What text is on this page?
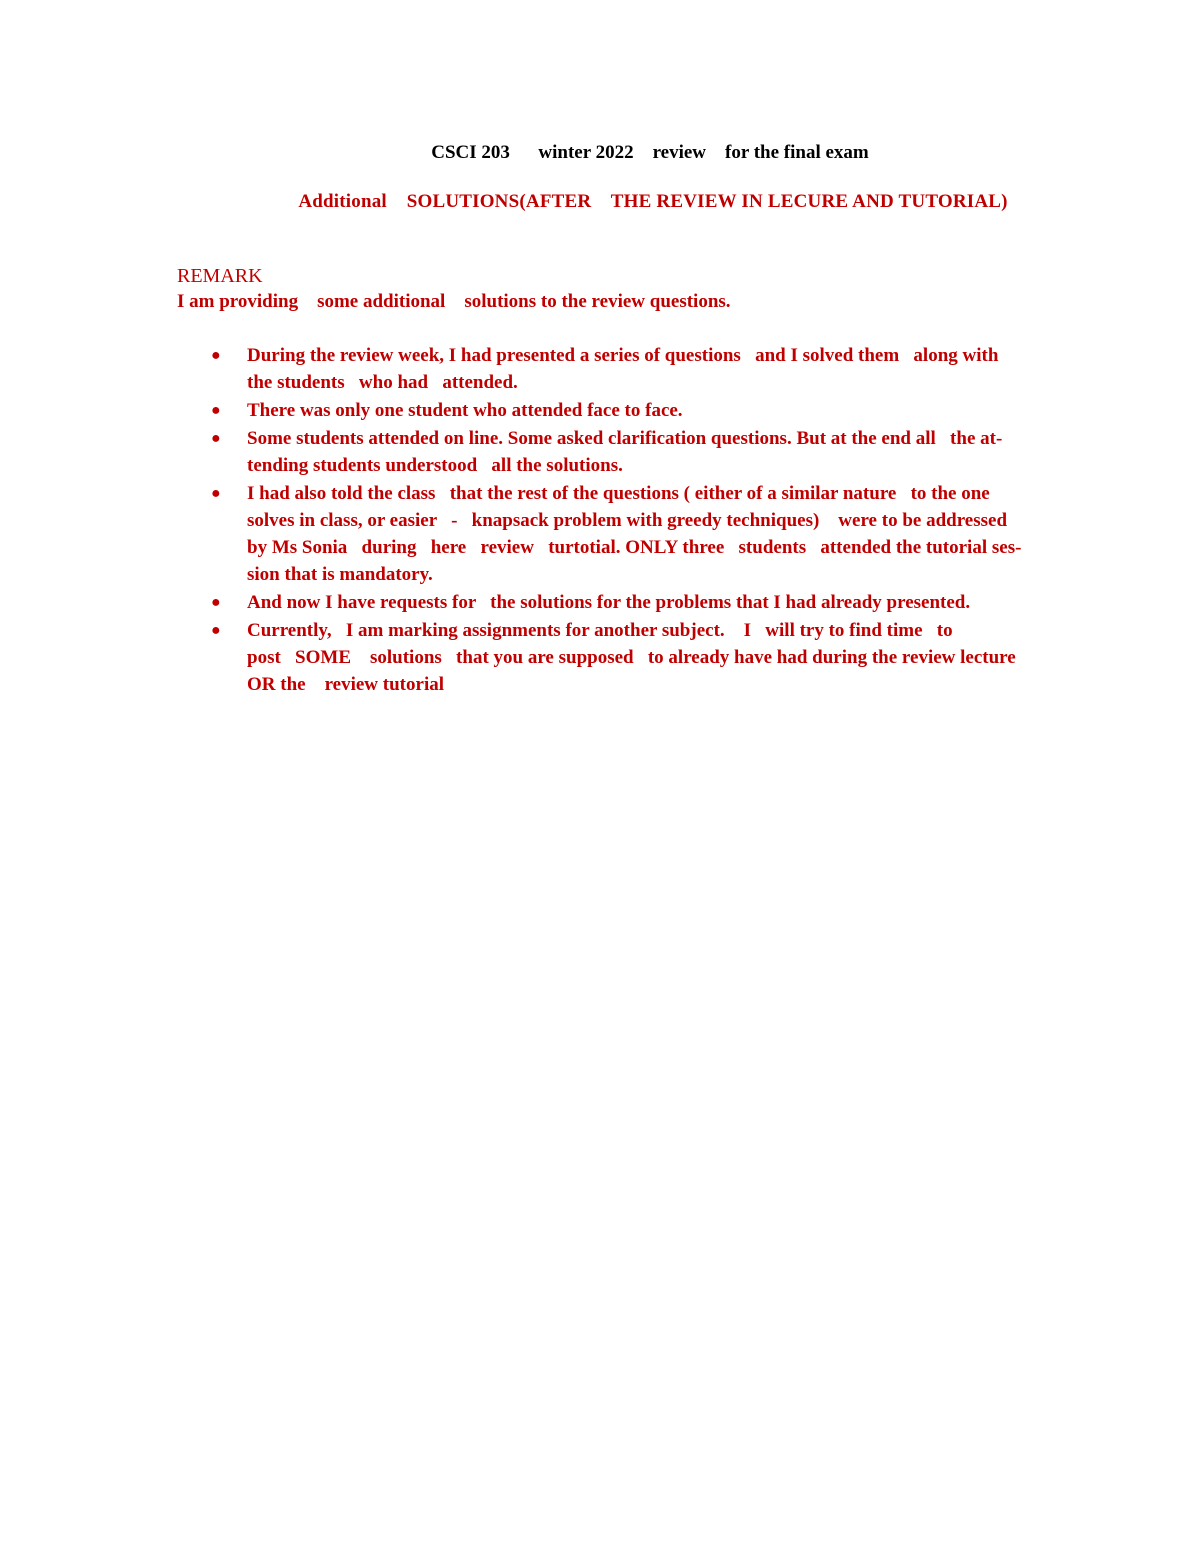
CSCI 203      winter 2022    review    for the final exam
Additional    SOLUTIONS(AFTER    THE REVIEW IN LECURE AND TUTORIAL)
REMARK
I am providing    some additional    solutions to the review questions.
● During the review week, I had presented a series of questions   and I solved them   along with
the students   who had   attended.
● There was only one student who attended face to face.
● Some students attended on line. Some asked clarification questions. But at the end all   the at-
tending students understood   all the solutions.
● I had also told the class   that the rest of the questions ( either of a similar nature   to the one
solves in class, or easier   -   knapsack problem with greedy techniques)    were to be addressed
by Ms Sonia   during   here   review   turtotial. ONLY three   students   attended the tutorial ses-
sion that is mandatory.
● And now I have requests for   the solutions for the problems that I had already presented.
● Currently,   I am marking assignments for another subject.    I   will try to find time   to
post   SOME    solutions   that you are supposed   to already have had during the review lecture
OR the    review tutorial
